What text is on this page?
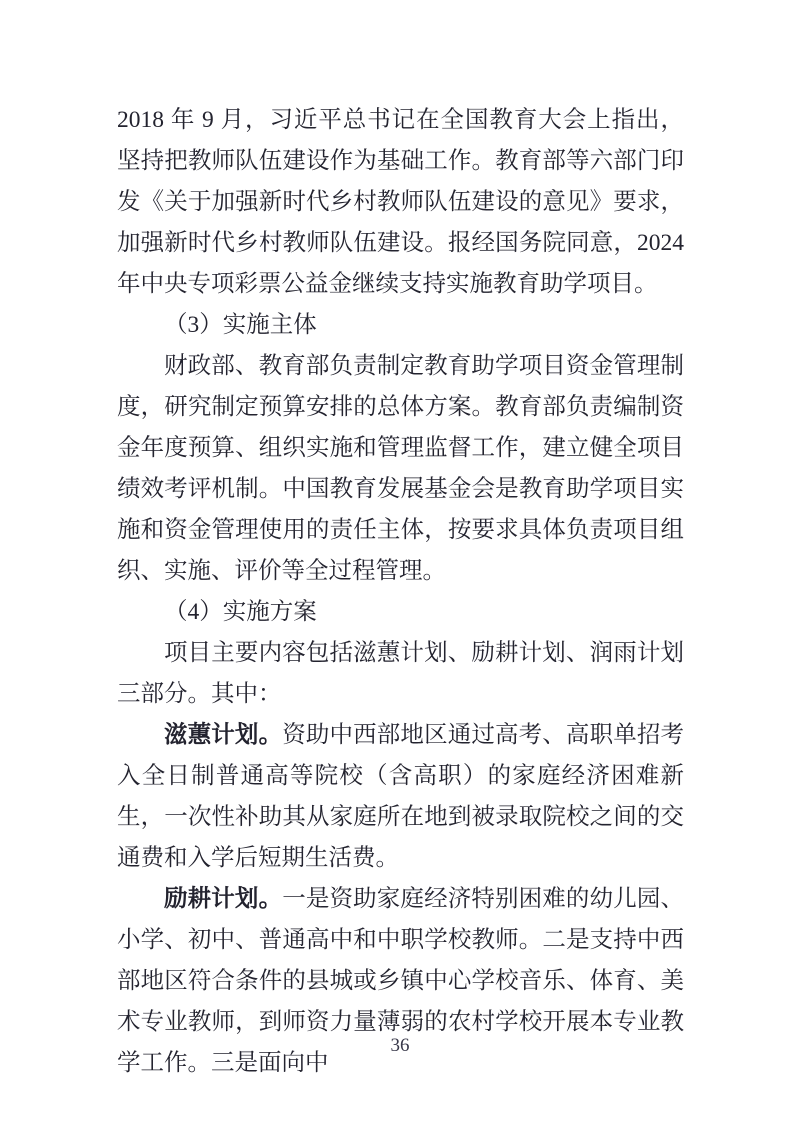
2018 年 9 月，习近平总书记在全国教育大会上指出，坚持把教师队伍建设作为基础工作。教育部等六部门印发《关于加强新时代乡村教师队伍建设的意见》要求，加强新时代乡村教师队伍建设。报经国务院同意，2024 年中央专项彩票公益金继续支持实施教育助学项目。

（3）实施主体

财政部、教育部负责制定教育助学项目资金管理制度，研究制定预算安排的总体方案。教育部负责编制资金年度预算、组织实施和管理监督工作，建立健全项目绩效考评机制。中国教育发展基金会是教育助学项目实施和资金管理使用的责任主体，按要求具体负责项目组织、实施、评价等全过程管理。

（4）实施方案

项目主要内容包括滋蕙计划、励耕计划、润雨计划三部分。其中：

滋蕙计划。资助中西部地区通过高考、高职单招考入全日制普通高等院校（含高职）的家庭经济困难新生，一次性补助其从家庭所在地到被录取院校之间的交通费和入学后短期生活费。

励耕计划。一是资助家庭经济特别困难的幼儿园、小学、初中、普通高中和中职学校教师。二是支持中西部地区符合条件的县城或乡镇中心学校音乐、体育、美术专业教师，到师资力量薄弱的农村学校开展本专业教学工作。三是面向中

36
